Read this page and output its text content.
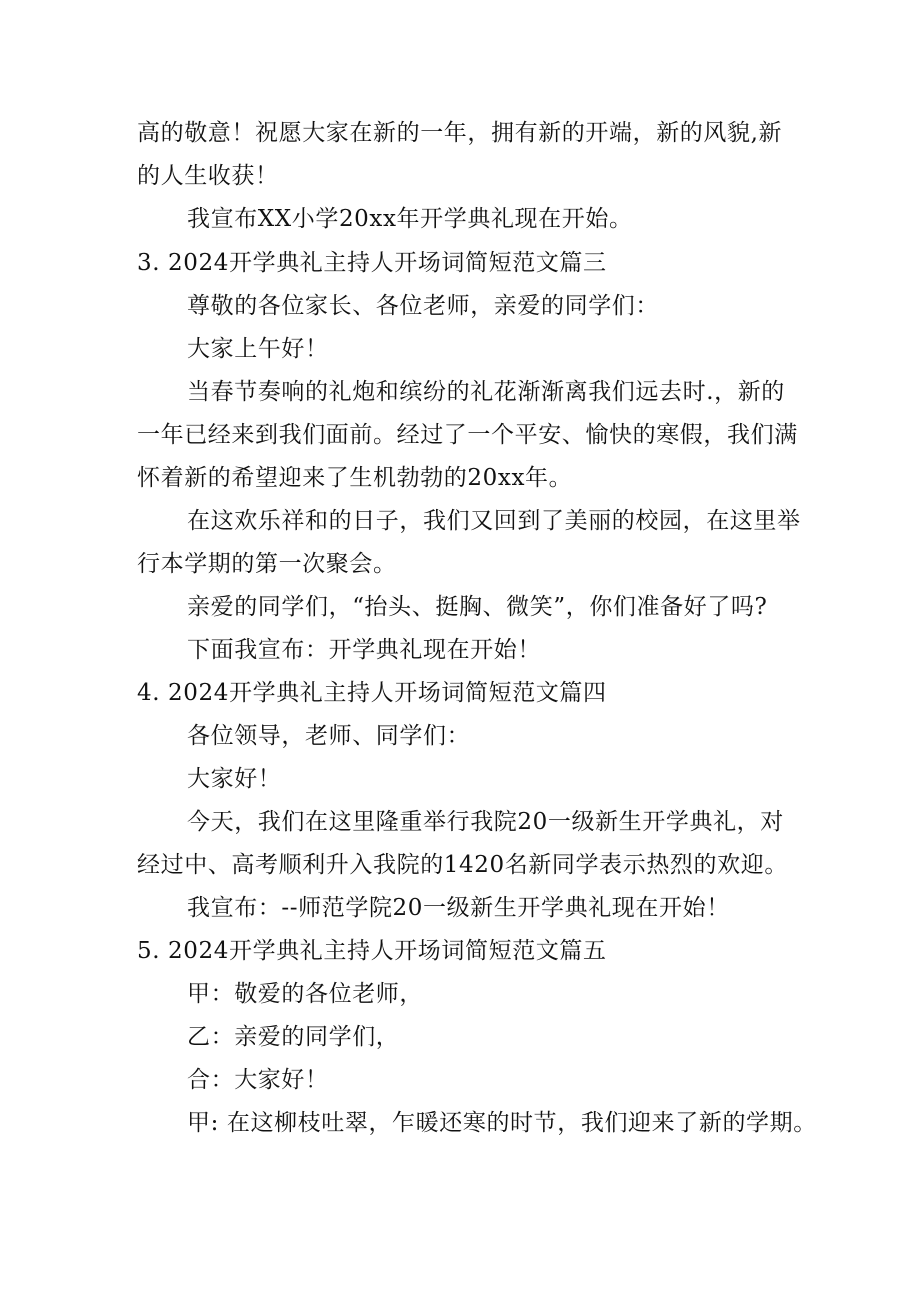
高的敬意！祝愿大家在新的一年，拥有新的开端，新的风貌,新
的人生收获！
我宣布XX小学20xx年开学典礼现在开始。
3. 2024开学典礼主持人开场词简短范文篇三
尊敬的各位家长、各位老师，亲爱的同学们：
大家上午好！
当春节奏响的礼炮和缤纷的礼花渐渐离我们远去时.，新的
一年已经来到我们面前。经过了一个平安、愉快的寒假，我们满
怀着新的希望迎来了生机勃勃的20xx年。
在这欢乐祥和的日子，我们又回到了美丽的校园，在这里举
行本学期的第一次聚会。
亲爱的同学们，“抬头、挺胸、微笑”，你们准备好了吗?
下面我宣布：开学典礼现在开始！
4. 2024开学典礼主持人开场词简短范文篇四
各位领导，老师、同学们：
大家好！
今天，我们在这里隆重举行我院20一级新生开学典礼，对
经过中、高考顺利升入我院的1420名新同学表示热烈的欢迎。
我宣布：--师范学院20一级新生开学典礼现在开始！
5. 2024开学典礼主持人开场词简短范文篇五
甲：敬爱的各位老师，
乙：亲爱的同学们，
合：大家好！
甲: 在这柳枝吐翠，乍暖还寒的时节，我们迎来了新的学期。
